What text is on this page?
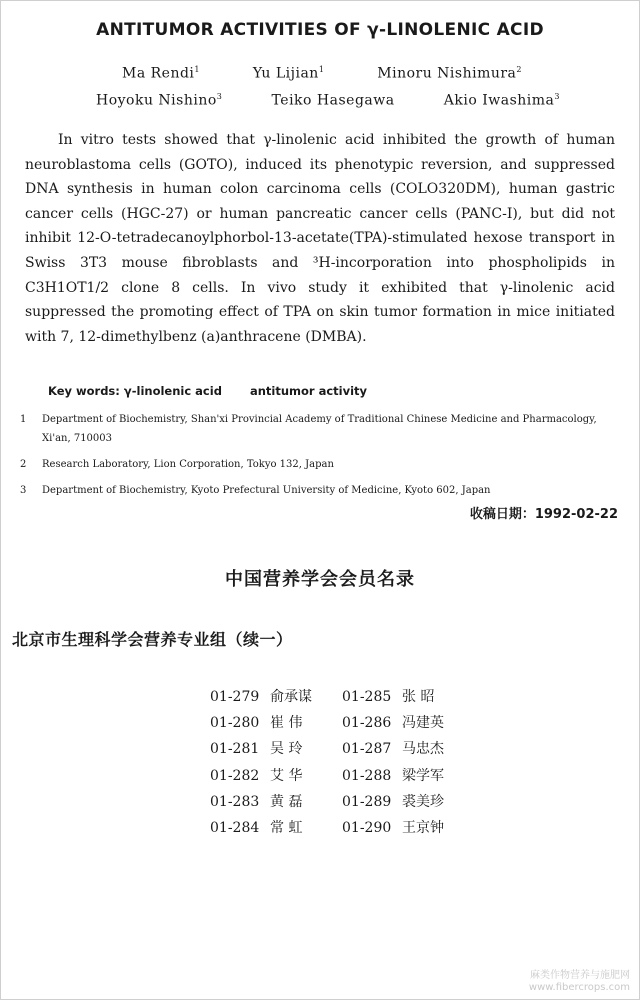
ANTITUMOR ACTIVITIES OF γ-LINOLENIC ACID
Ma Rendi$^1$	Yu Lijian$^1$	Minoru Nishimura$^2$
Hoyoku Nishino$^3$	Teiko Hasegawa	Akio Iwashima$^3$

In vitro tests showed that γ-linolenic acid inhibited the growth of human neuroblastoma cells (GOTO), induced its phenotypic reversion, and suppressed DNA synthesis in human colon carcinoma cells (COLO320DM), human gastric cancer cells (HGC-27) or human pancreatic cancer cells (PANC-I), but did not inhibit 12-O-tetradecanoylphorbol-13-acetate(TPA)-stimulated hexose transport in Swiss 3T3 mouse fibroblasts and ³H-incorporation into phospholipids in C3H1OT1/2 clone 8 cells. In vivo study it exhibited that γ-linolenic acid suppressed the promoting effect of TPA on skin tumor formation in mice initiated with 7, 12-dimethylbenz (a)anthracene (DMBA).

Key words: γ-linolenic acid antitumor activity
1	Department of Biochemistry, Shan'xi Provincial Academy of Traditional Chinese Medicine and Pharmacology, Xi'an, 710003
2	Research Laboratory, Lion Corporation, Tokyo 132, Japan
3	Department of Biochemistry, Kyoto Prefectural University of Medicine, Kyoto 602, Japan
收稿日期：1992-02-22
中国营养学会会员名录
北京市生理科学会营养专业组（续一）
01-279 俞承谋	01-285 张 昭
01-280 崔 伟	01-286 冯建英
01-281 吴 玲	01-287 马忠杰
01-282 艾 华	01-288 梁学军
01-283 黄 磊	01-289 裘美珍
01-284 常 虹	01-290 王京钟
麻类作物营养与施肥网
www.fibercrops.com
